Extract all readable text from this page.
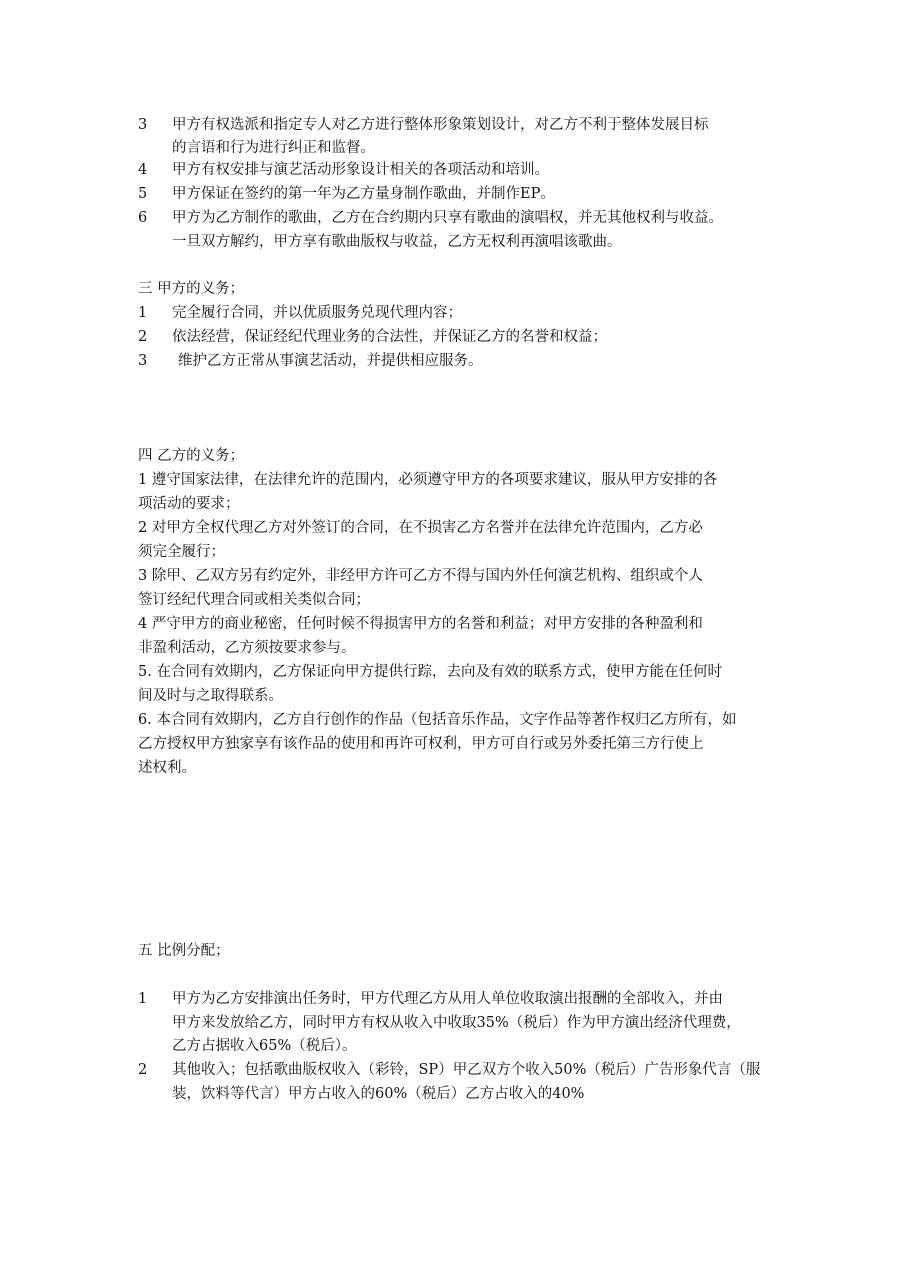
3 甲方有权选派和指定专人对乙方进行整体形象策划设计，对乙方不利于整体发展目标
的言语和行为进行纠正和监督。
4 甲方有权安排与演艺活动形象设计相关的各项活动和培训。
5 甲方保证在签约的第一年为乙方量身制作歌曲，并制作EP。
6 甲方为乙方制作的歌曲，乙方在合约期内只享有歌曲的演唱权，并无其他权利与收益。
一旦双方解约，甲方享有歌曲版权与收益，乙方无权利再演唱该歌曲。
三 甲方的义务；
1 完全履行合同，并以优质服务兑现代理内容；
2 依法经营，保证经纪代理业务的合法性，并保证乙方的名誉和权益；
3 维护乙方正常从事演艺活动，并提供相应服务。
四 乙方的义务；
1 遵守国家法律，在法律允许的范围内，必须遵守甲方的各项要求建议，服从甲方安排的各
项活动的要求；
2 对甲方全权代理乙方对外签订的合同，在不损害乙方名誉并在法律允许范围内，乙方必
须完全履行；
3 除甲、乙双方另有约定外，非经甲方许可乙方不得与国内外任何演艺机构、组织或个人
签订经纪代理合同或相关类似合同；
4 严守甲方的商业秘密，任何时候不得损害甲方的名誉和利益；对甲方安排的各种盈利和
非盈利活动，乙方须按要求参与。
5. 在合同有效期内，乙方保证向甲方提供行踪，去向及有效的联系方式，使甲方能在任何时
间及时与之取得联系。
6. 本合同有效期内，乙方自行创作的作品（包括音乐作品，文字作品等著作权归乙方所有，如
乙方授权甲方独家享有该作品的使用和再许可权利，甲方可自行或另外委托第三方行使上
述权利。
五 比例分配；
1 甲方为乙方安排演出任务时，甲方代理乙方从用人单位收取演出报酬的全部收入，并由
甲方来发放给乙方，同时甲方有权从收入中收取35%（税后）作为甲方演出经济代理费，
乙方占据收入65%（税后）。
2 其他收入；包括歌曲版权收入（彩铃，SP）甲乙双方个收入50%（税后）广告形象代言（服
装，饮料等代言）甲方占收入的60%（税后）乙方占收入的40%
